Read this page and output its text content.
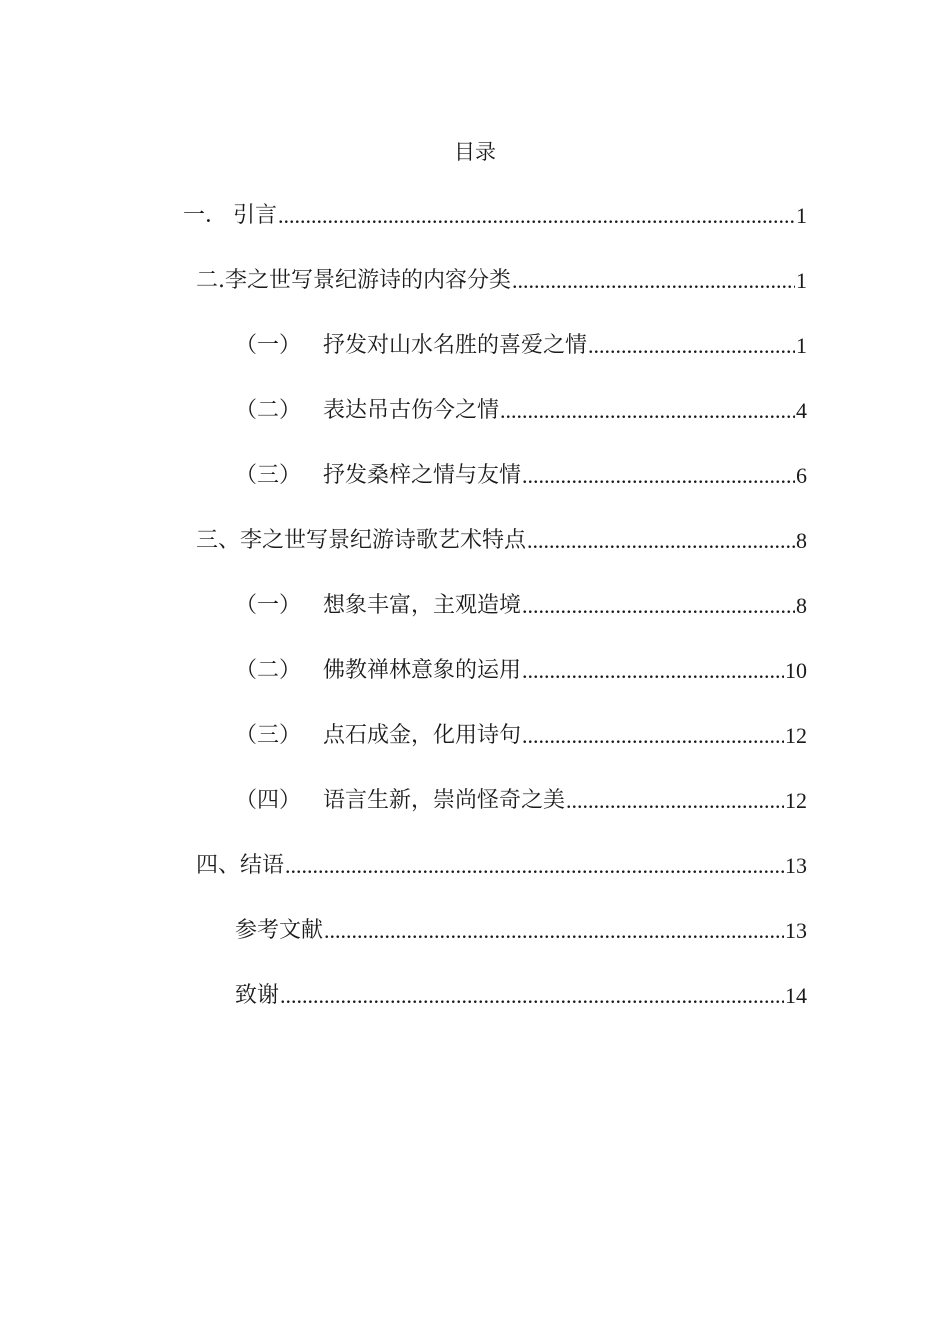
目录
一． 引言 .....	1
二.李之世写景纪游诗的内容分类 .....	1
（一） 抒发对山水名胜的喜爱之情 .....	1
（二） 表达吊古伤今之情 .....	4
（三） 抒发桑梓之情与友情 .....	6
三、李之世写景纪游诗歌艺术特点 .....	8
（一） 想象丰富，主观造境 .....	8
（二） 佛教禅林意象的运用 .....	10
（三） 点石成金，化用诗句 .....	12
（四） 语言生新，崇尚怪奇之美 .....	12
四、结语 .....	13
参考文献 .....	13
致谢 .....	14
